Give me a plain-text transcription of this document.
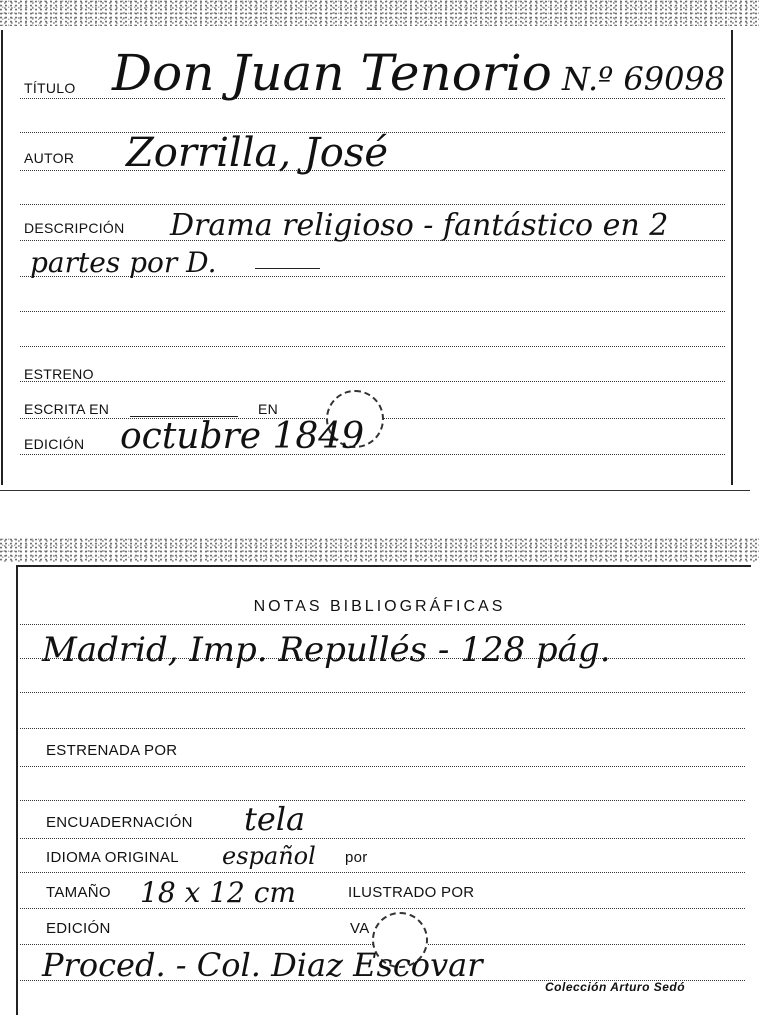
TÍTULO Don Juan Tenorio N.º 69098
AUTOR Zorrilla, José
DESCRIPCIÓN Drama religioso - fantástico en 2
partes por D.
ESTRENO
ESCRITA EN	EN
EDICIÓN octubre 1849
NOTAS BIBLIOGRÁFICAS
Madrid, Imp. Repullés - 128 pág.
ESTRENADA POR
ENCUADERNACIÓN tela
IDIOMA ORIGINAL español por
TAMAÑO 18 x 12 cm	ILUSTRADO POR
EDICIÓN	VA
Proced. - Col. Diaz Escovar
Colección Arturo Sedó
